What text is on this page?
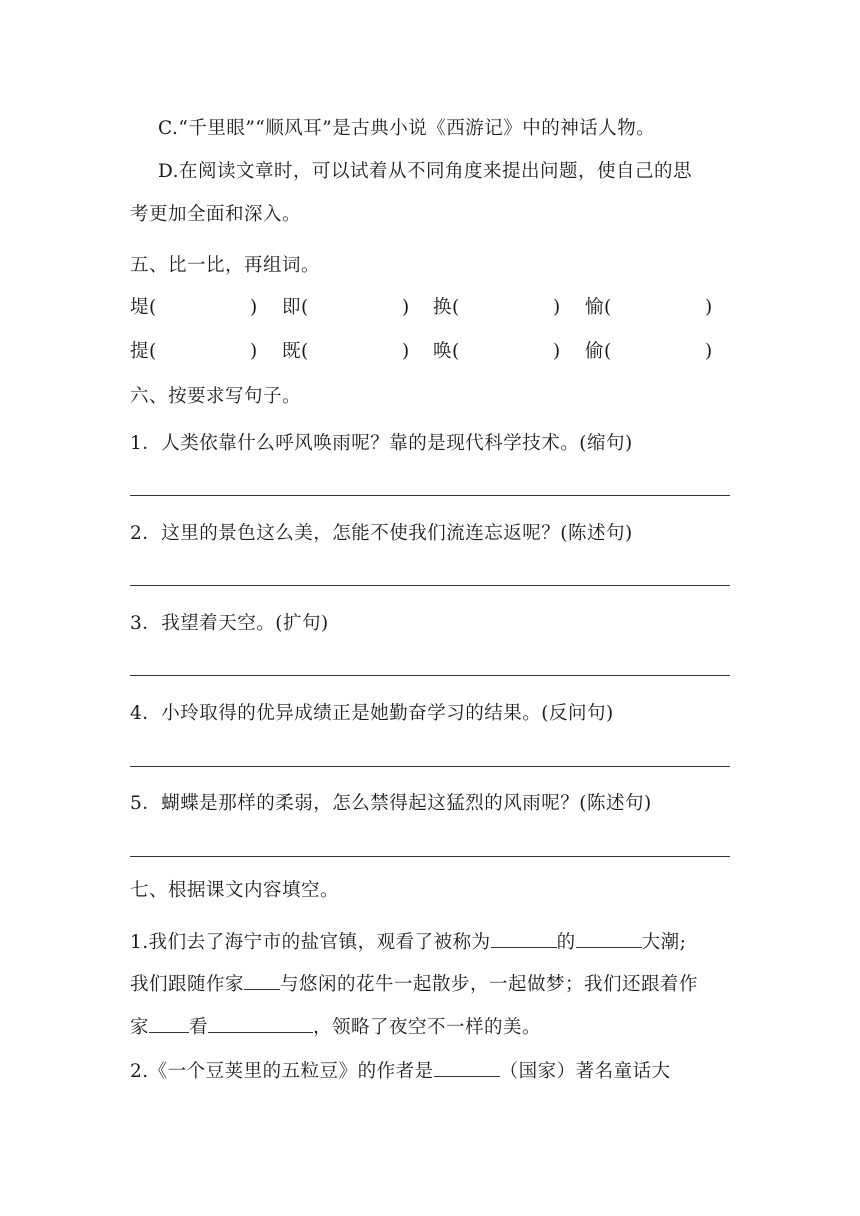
C.“千里眼”“顺风耳”是古典小说《西游记》中的神话人物。
D.在阅读文章时，可以试着从不同角度来提出问题，使自己的思
考更加全面和深入。
五、比一比，再组词。
堤(	) 即(	) 换(	) 愉(	)
提(	) 既(	) 唤(	) 偷(	)
六、按要求写句子。
1．人类依靠什么呼风唤雨呢？靠的是现代科学技术。(缩句)
2．这里的景色这么美，怎能不使我们流连忘返呢？(陈述句)
3．我望着天空。(扩句)
4．小玲取得的优异成绩正是她勤奋学习的结果。(反问句)
5．蝴蝶是那样的柔弱，怎么禁得起这猛烈的风雨呢？(陈述句)
七、根据课文内容填空。
1.我们去了海宁市的盐官镇，观看了被称为	的	大潮;
我们跟随作家 与悠闲的花牛一起散步，一起做梦；我们还跟着作
家 看	，领略了夜空不一样的美。
2.《一个豆荚里的五粒豆》的作者是	（国家）著名童话大
